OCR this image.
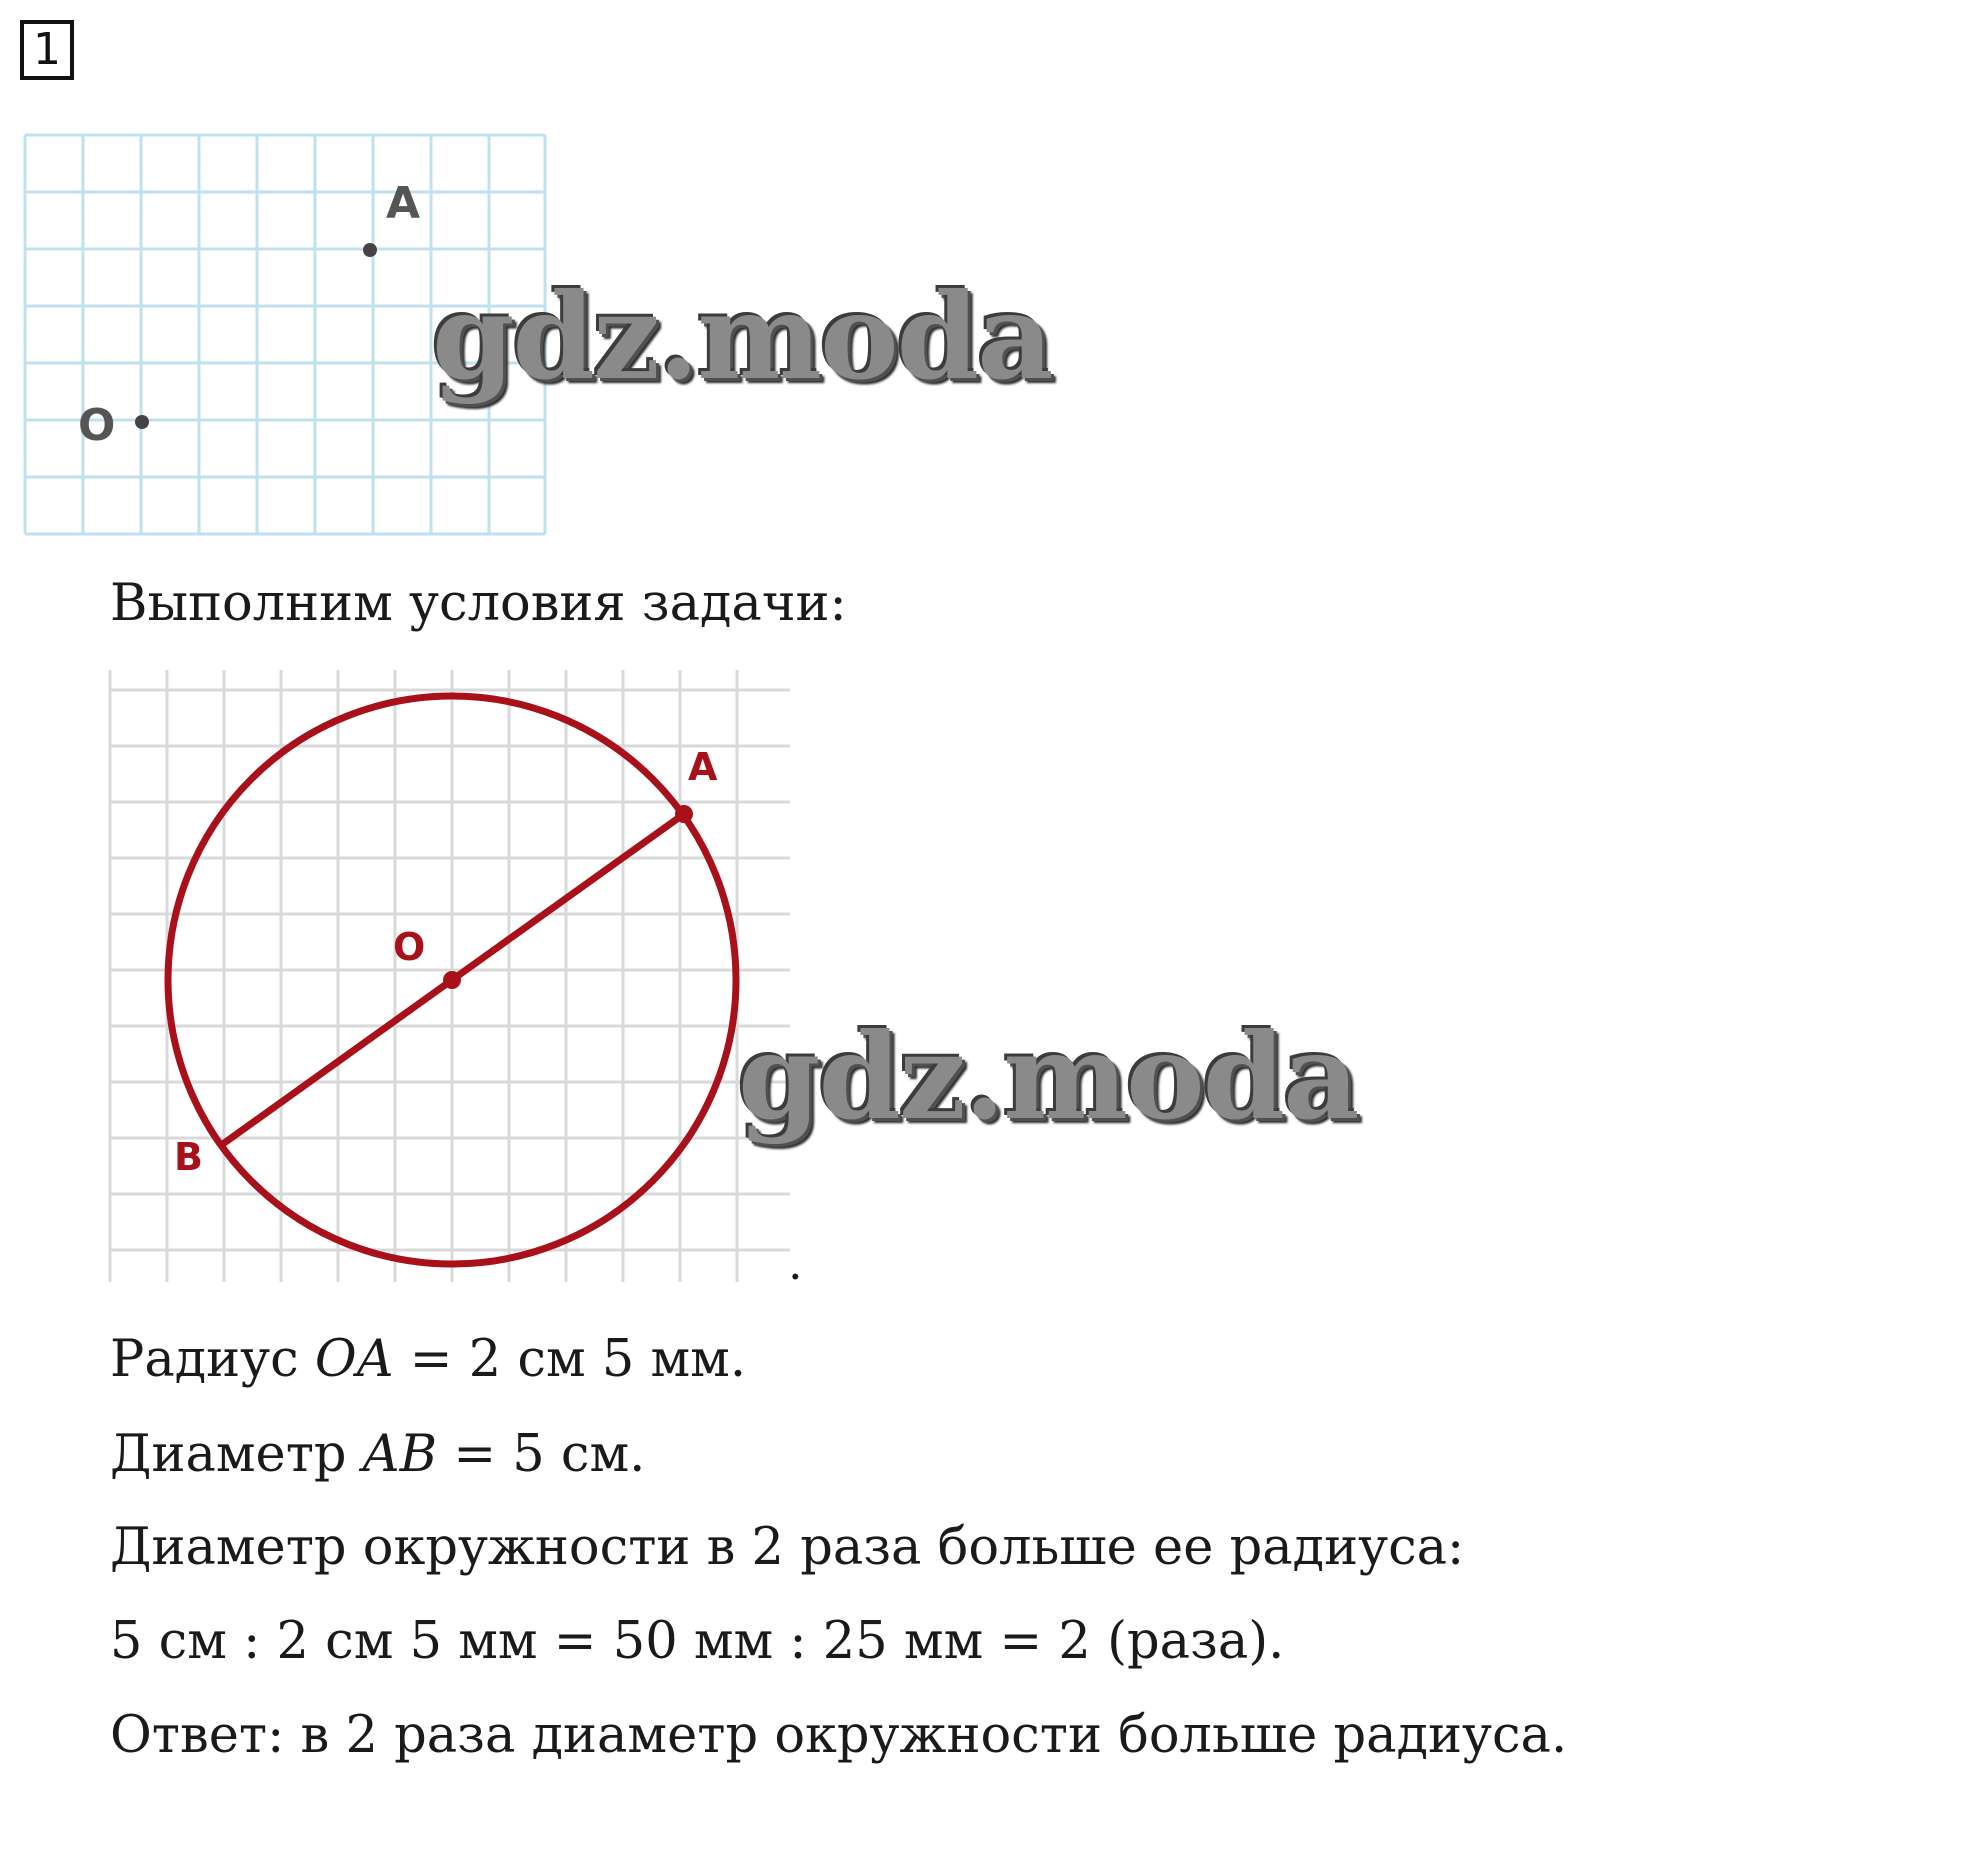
1
A
O
gdz.moda
Выполним условия задачи:
A
O
B
.
gdz.moda
Радиус OA = 2 см 5 мм.
Диаметр AB = 5 см.
Диаметр окружности в 2 раза больше ее радиуса:
5 см : 2 см 5 мм = 50 мм : 25 мм = 2 (раза).
Ответ: в 2 раза диаметр окружности больше радиуса.
